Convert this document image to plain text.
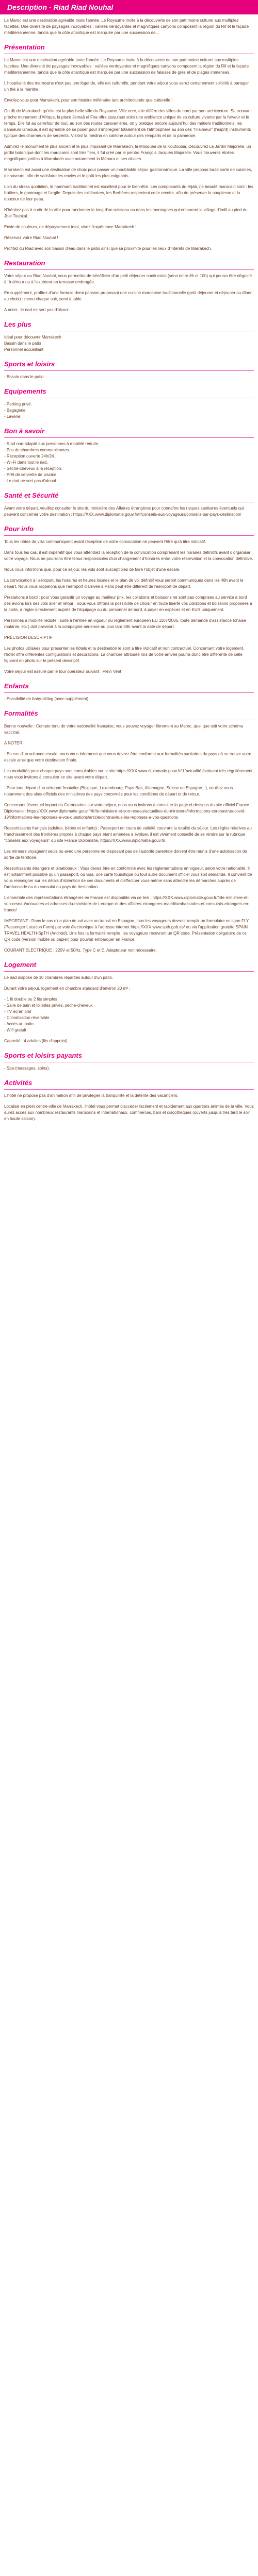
Description - Riad Riad Nouhal

Le Maroc est une destination agréable toute l'année. Le Royaume invite à la découverte de son patrimoine culturel aux multiples facettes. Une diversité de paysages incroyables : vallées verdoyantes et magnifiques canyons composent la région du Rif et le façade méditerranéenne, tandis que la côte atlantique est marquée par une succession de…

Présentation

Le Maroc est une destination agréable toute l'année. Le Royaume invite à la découverte de son patrimoine culturel aux multiples facettes. Une diversité de paysages incroyables : vallées verdoyantes et magnifiques canyons composent la région du Rif et la façade méditerranéenne, tandis que la côte atlantique est marquée par une succession de falaises de grès et de plages immenses.

L'hospitalité des marocains n'est pas une légende, elle est culturelle, pendant votre séjour vous serez certainement sollicité à partager un thé à la menthe.

Envolez-vous pour Marrakech, pour son histoire millénaire tant architecturale que culturelle !

On dit de Marrakech qu'elle est la plus belle ville du Royaume. Ville ocre, elle diffère des villes du nord par son architecture. Se trouvant proche monument d'Afrique, la place Jemaâ el Fna offre jusqu'aux soirs une ambiance unique de sa culture vivante par la ferveur et le temps. Elle fut au carrefour de tout, au soir des routes caravanières, on y pratique encore aujourd'hui des métiers traditionnels, les danseurs Gnaoua, il est agréable de se poser pour s'imprégner totalement de l'atmosphère au son des "Hlaïmeur" (l'esprit) instruments typique des charmeurs de serpents. Visitez la médina en calèche autour des remparts et de la palmeraie.

Admirez le monument le plus ancien et le plus imposant de Marrakech, la Mosquée de la Koutoubia. Découvrez Le Jardin Majorelle, un jardin botanique dont les marocains sont très fiers, il fut créé par le peintre François Jacques Majorelle. Vous trouverez étoiles magnifiques jardins à Marrakech avec notamment la Ménara et ses oliviers.

Marrakech est aussi une destination de choix pour passer un inoubliable séjour gastronomique. La ville propose toute sorte de cuisines, de saveurs, afin de satisfaire les envies et le goût les plus exigeants.

Loin du stress quotidien, le hammam traditionnel est excellent pour le bien-être. Les composants du Hijab, (le beauté marocain sont : les fruitiers, le gommage et l'argile. Depuis des millénaires, les Berbères respectent cette recette, afin de préserver la souplesse et la douceur de leur peau.

N'hésitez pas à sortir de la ville pour randonner le long d'un ruisseau ou dans les montagnes qui entourent le village d'Imlil au pied du Jbel Toubkal.

Envie de couleurs, de dépaysement total, vivez l'expérience Marrakech !

Réservez votre Riad Nouhal !

Profitez du Riad avec son bassin d'eau dans le patio ainsi que sa proximité pour les lieux d'intérêts de Marrakech.

Restauration

Votre séjour au Riad Nouhal, vous permettra de bénéficier d'un petit déjeuner continental (servi entre 8h et 10h) qui pourra être dégusté à l'intérieur ou à l'extérieur en terrasse ombragée.

En supplément, profitez d'une formule demi-pension proposant une cuisine marocaine traditionnelle (petit déjeuner et déjeuner ou dîner, au choix) : menu chaque soir, servi à table.

A noter : le riad ne sert pas d'alcool.

Les plus
Idéal pour découvrir Marrakech
Bassin dans le patio
Personnel accueillant
Sports et loisirs
- Bassin dans le patio.
Equipements
- Parking privé.
- Bagagerie.
- Laverie.
Bon à savoir
- Riad non-adapté aux personnes à mobilité réduite.
- Pas de chambres communicantes.
- Réception ouverte 24h/24.
- Wi-Fi dans tout le riad.
- Sèche-cheveux à la réception.
- Prêt de serviette de piscine.
- Le riad ne sert pas d'alcool.
Santé et Sécurité

Avant votre départ, veuillez consulter le site du ministère des Affaires étrangères pour connaître les risques sanitaires éventuels qui peuvent concerner votre destination : https://XXX.www.diplomatie.gouv.fr/fr/conseils-aux-voyageurs/conseils-par-pays-destination/

Pour info

Tous les hôtes de villa communiquent avant réception de votre convocation ne peuvent l'être qu'à titre indicatif.

Dans tous les cas, il est impératif que vous attendiez la réception de la convocation comprenant les horaires définitifs avant d'organiser votre voyage. Nous ne pourrons être tenus responsables d'un changement d'horaires entre votre réservation et la convocation définitive.

Nous vous informons que, pour ce séjour, les vols sont susceptibles de faire l'objet d'une escale.

La convocation à l'aéroport, les horaires et heures locales et le plan de vol définitif vous seront communiqués dans les 48h avant le départ. Nous vous rappelons que l'aéroport d'arrivée à Paris peut être différent de l'aéroport de départ.

Prestations à bord : pour vous garantir un voyage au meilleur prix, les collations et boissons ne sont pas comprises au service à bord des avions lors des vols aller et retour ; nous vous offrons la possibilité de choisir en toute liberté vos collations et boissons proposées à la carte, à régler directement auprès de l'équipage ou du personnel de bord, à payer en espèces et en EUR uniquement.

Personnes à mobilité réduite : suite à l'entrée en vigueur du règlement européen EU 1107/2006, toute demande d'assistance (chaise roulante, etc.) doit parvenir à la compagnie aérienne au plus tard 48h avant la date de départ.

PRÉCISION DESCRIPTIF

Les photos utilisées pour présenter les hôtels et la destination le sont à titre indicatif et non contractuel. Concernant votre logement, l'hôtel offre différentes configurations et décorations. La chambre attribuée lors de votre arrivée pourra donc être différente de celle figurant en photo sur le présent descriptif.

Votre séjour est assuré par le tour opérateur suivant : Plein Vent

Enfants
- Possibilité de baby-sitting (avec supplément).
Formalités

Bonne nouvelle : Compte tenu de votre nationalité française, vous pouvez voyager librement au Maroc, quel que soit votre schéma vaccinal.

A NOTER

- En cas d'un vol avec escale, nous vous informons que vous devrez être conforme aux formalités sanitaires du pays où se trouve votre escale ainsi que votre destination finale.

Les modalités pour chaque pays sont consultables sur le site https://XXX.www.diplomatie.gouv.fr/ L'actualité évoluant très régulièrement, nous vous invitons à consulter ce site avant votre départ.

- Pour tout départ d'un aéroport frontalier (Belgique, Luxembourg, Pays-Bas, Allemagne, Suisse ou Espagne...), veuillez vous notamment des sites officiels des ministères des pays concernés pour les conditions de départ et de retour.

Concernant l'éventuel impact du Coronavirus sur votre séjour, nous vous invitons à consulter la page ci-dessous du site officiel France Diplomatie : https://XXX.www.diplomatie.gouv.fr/fr/le-ministere-et-son-reseau/actualites-du-ministere/informations-coronavirus-covid-19/informations-les-reponses-a-vos-questions/article/coronavirus-les-reponses-a-vos-questions

Ressortissants français (adultes, bébés et enfants) : Passeport en cours de validité couvrant la totalité du séjour. Les règles relatives au franchissement des frontières propres à chaque pays étant amenées à évoluer, il est vivement conseillé de se rendre sur la rubrique "conseils aux voyageurs" du site France Diplomatie, https://XXX.www.diplomatie.gouv.fr/.

Les mineurs voyageant seuls ou avec une personne ne disposant pas de l'autorité parentale doivent être munis d'une autorisation de sortie de territoire.

Ressortissants étrangers et binationaux : Vous devez être en conformité avec les réglementations en vigueur, selon votre nationalité. Il est notamment possible qu'un passeport, ou visa, une carte touristique ou tout autre document officiel vous soit demandé. Il convient de vous renseigner sur les délais d'obtention de ces documents et d'effectuer vous-même sans attendre les démarches auprès de l'ambassade ou du consulat du pays de destination.

L'ensemble des représentations étrangères en France est disponible via ce lien : https://XXX.www.diplomatie.gouv.fr/fr/le-ministere-et-son-reseau/annuaires-et-adresses-du-ministere-de-l-europe-et-des-affaires-etrangeres-maedi/ambassades-et-consulats-etrangers-en-france/

IMPORTANT : Dans le cas d'un plan de vol avec un transit en Espagne, tous les voyageurs devront remplir un formulaire en ligne FLY (Passenger Location Form) par voie électronique à l'adresse internet https://XXX.www.spth.gob.es/ ou via l'application gratuite SPAIN TRAVEL HEALTH-SpTH (Android). Une fois la formalité remplie, les voyageurs recevront un QR code. Présentation obligatoire de ce QR code (version mobile ou papier) pour pouvoir embarquer en France.

COURANT ELECTRIQUE : 220V et 50Hz. Type C et E. Adaptateur non nécessaire.

Logement

Le riad dispose de 10 chambres réparties autour d'un patio.

Durant votre séjour, logement en chambre standard d'environ 20 m² :

- 1 lit double ou 2 lits simples
- Salle de bain et toilettes privés, sèche-cheveux
- TV écran plat
- Climatisation réversible
- Accès au patio
- Wifi gratuit

Capacité : 4 adultes (lits d'appoint).

Sports et loisirs payants
- Spa (massages, soins).
Activités

L'hôtel ne propose pas d'animation afin de privilégier la tranquillité et la détente des vacanciers.

Localisé en plein centre-ville de Marrakech, l'hôtel vous permet d'accéder facilement et rapidement aux quartiers animés de la ville. Vous aurez accès aux nombreux restaurants marocains et internationaux, commerces, bars et discothèques (ouverts jusqu'à très tard le soir en haute saison).
